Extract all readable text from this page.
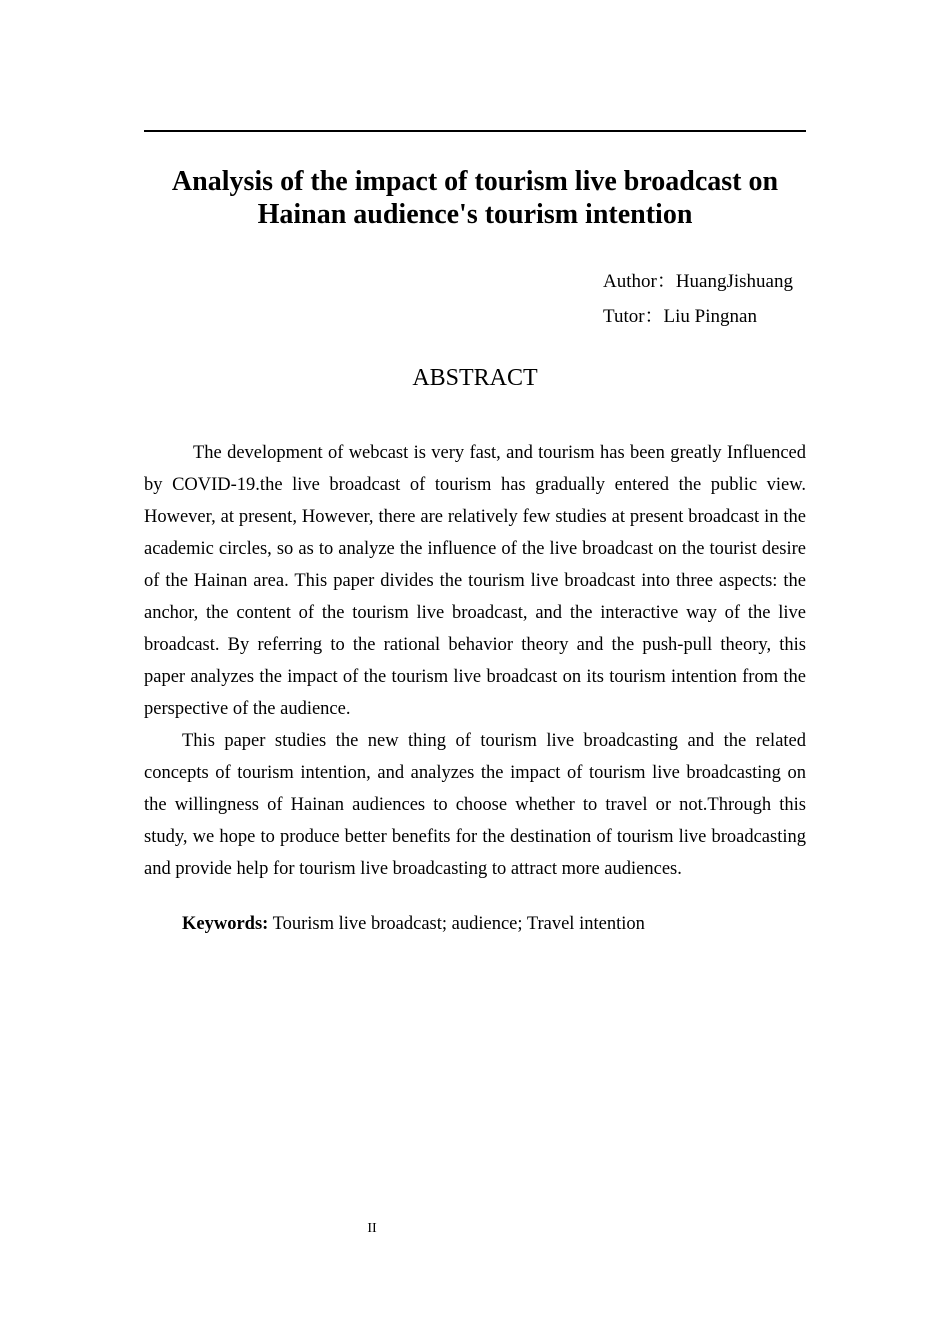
Analysis of the impact of tourism live broadcast on
Hainan audience's tourism intention
Author：HuangJishuang
Tutor：Liu Pingnan
ABSTRACT

The development of webcast is very fast, and tourism has been greatly Influenced by COVID-19.the live broadcast of tourism has gradually entered the public view. However, at present, However, there are relatively few studies at present broadcast in the academic circles, so as to analyze the influence of the live broadcast on the tourist desire of the Hainan area. This paper divides the tourism live broadcast into three aspects: the anchor, the content of the tourism live broadcast, and the interactive way of the live broadcast. By referring to the rational behavior theory and the push-pull theory, this paper analyzes the impact of the tourism live broadcast on its tourism intention from the perspective of the audience.

This paper studies the new thing of tourism live broadcasting and the related concepts of tourism intention, and analyzes the impact of tourism live broadcasting on the willingness of Hainan audiences to choose whether to travel or not.Through this study, we hope to produce better benefits for the destination of tourism live broadcasting and provide help for tourism live broadcasting to attract more audiences.

Keywords: Tourism live broadcast; audience; Travel intention
II
